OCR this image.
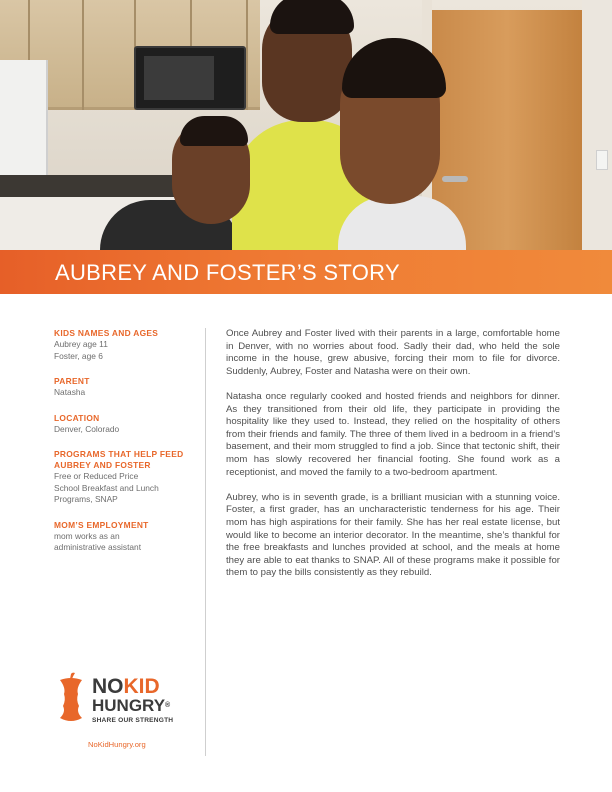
AUBREY AND FOSTER’S STORY
KIDS NAMES AND AGES
Aubrey age 11
Foster, age 6
PARENT
Natasha
LOCATION
Denver, Colorado
PROGRAMS THAT HELP FEED
AUBREY AND FOSTER
Free or Reduced Price
School Breakfast and Lunch
Programs, SNAP
MOM’S EMPLOYMENT
mom works as an
administrative assistant

Once Aubrey and Foster lived with their parents in a large, comfortable home in Denver, with no worries about food. Sadly their dad, who held the sole income in the house, grew abusive, forcing their mom to file for divorce. Suddenly, Aubrey, Foster and Natasha were on their own.

Natasha once regularly cooked and hosted friends and neighbors for dinner. As they transitioned from their old life, they participate in providing the hospitality like they used to. Instead, they relied on the hospitality of others from their friends and family. The three of them lived in a bedroom in a friend’s basement, and their mom struggled to find a job. Since that tectonic shift, their mom has slowly recovered her financial footing. She found work as a receptionist, and moved the family to a two-bedroom apartment.

Aubrey, who is in seventh grade, is a brilliant musician with a stunning voice. Foster, a first grader, has an uncharacteristic tenderness for his age. Their mom has high aspirations for their family. She has her real estate license, but would like to become an interior decorator. In the meantime, she’s thankful for the free breakfasts and lunches provided at school, and the meals at home they are able to eat thanks to SNAP. All of these programs make it possible for them to pay the bills consistently as they rebuild.

NOKID
HUNGRY®
SHARE OUR STRENGTH
NoKidHungry.org
